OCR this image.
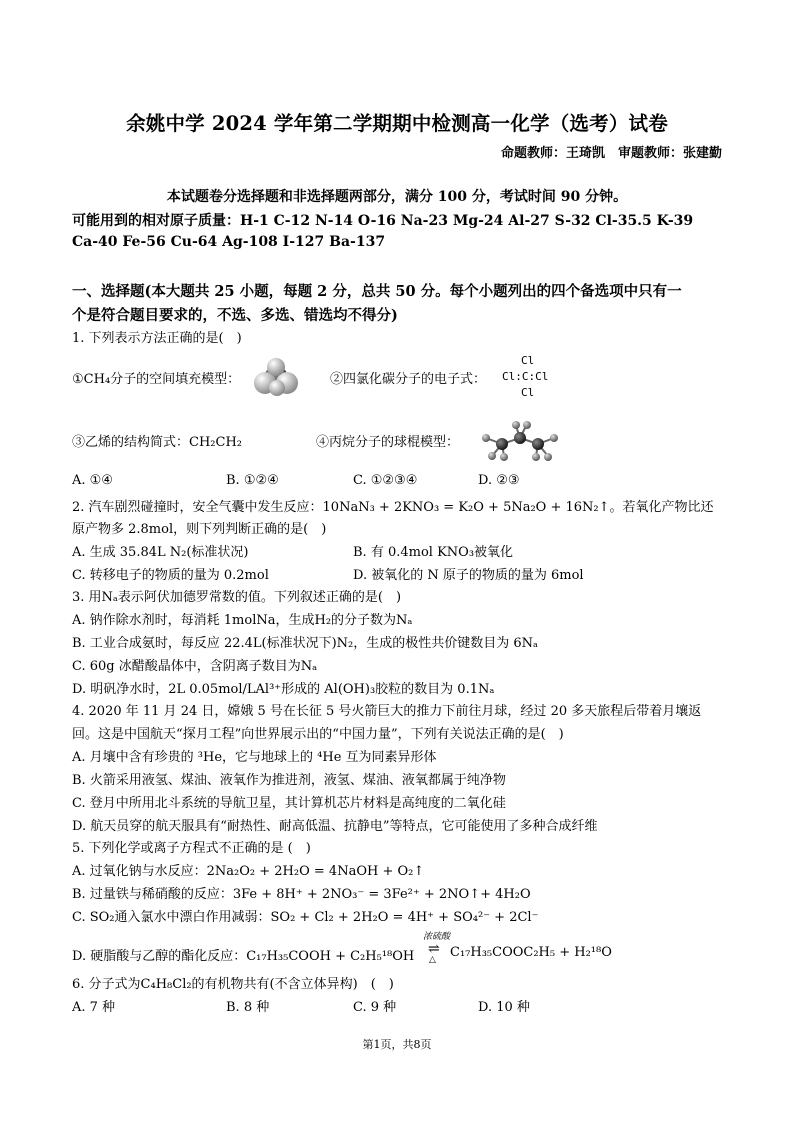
余姚中学 2024 学年第二学期期中检测高一化学（选考）试卷
命题教师：王琦凯　审题教师：张建勤
本试题卷分选择题和非选择题两部分，满分 100 分，考试时间 90 分钟。
可能用到的相对原子质量：H-1 C-12 N-14 O-16 Na-23 Mg-24 Al-27 S-32 Cl-35.5 K-39
Ca-40 Fe-56 Cu-64 Ag-108 I-127 Ba-137
一、选择题(本大题共 25 小题，每题 2 分，总共 50 分。每个小题列出的四个备选项中只有一
个是符合题目要求的，不选、多选、错选均不得分)
1. 下列表示方法正确的是(　)
①CH₄分子的空间填充模型：	②四氯化碳分子的电子式：
Cl
Cl:C:Cl
Cl
③乙烯的结构简式：CH₂CH₂	④丙烷分子的球棍模型：
A. ①④	B. ①②④	C. ①②③④	D. ②③
2. 汽车剧烈碰撞时，安全气囊中发生反应：10NaN₃ + 2KNO₃ = K₂O + 5Na₂O + 16N₂↑。若氧化产物比还
原产物多 2.8mol，则下列判断正确的是(　)
A. 生成 35.84L N₂(标准状况)	B. 有 0.4mol KNO₃被氧化
C. 转移电子的物质的量为 0.2mol	D. 被氧化的 N 原子的物质的量为 6mol
3. 用Nₐ表示阿伏加德罗常数的值。下列叙述正确的是(　)
A. 钠作除水剂时，每消耗 1molNa，生成H₂的分子数为Nₐ
B. 工业合成氨时，每反应 22.4L(标准状况下)N₂，生成的极性共价键数目为 6Nₐ
C. 60g 冰醋酸晶体中，含阴离子数目为Nₐ
D. 明矾净水时，2L 0.05mol/LAl³⁺形成的 Al(OH)₃胶粒的数目为 0.1Nₐ
4. 2020 年 11 月 24 日，嫦娥 5 号在长征 5 号火箭巨大的推力下前往月球，经过 20 多天旅程后带着月壤返
回。这是中国航天“探月工程”向世界展示出的“中国力量”，下列有关说法正确的是(　)
A. 月壤中含有珍贵的 ³He，它与地球上的 ⁴He 互为同素异形体
B. 火箭采用液氢、煤油、液氧作为推进剂，液氢、煤油、液氧都属于纯净物
C. 登月中所用北斗系统的导航卫星，其计算机芯片材料是高纯度的二氧化硅
D. 航天员穿的航天服具有“耐热性、耐高低温、抗静电”等特点，它可能使用了多种合成纤维
5. 下列化学或离子方程式不正确的是 (　)
A. 过氧化钠与水反应：2Na₂O₂ + 2H₂O = 4NaOH + O₂↑
B. 过量铁与稀硝酸的反应：3Fe + 8H⁺ + 2NO₃⁻ = 3Fe²⁺ + 2NO↑+ 4H₂O
C. SO₂通入氯水中漂白作用减弱：SO₂ + Cl₂ + 2H₂O = 4H⁺ + SO₄²⁻ + 2Cl⁻
D. 硬脂酸与乙醇的酯化反应：C₁₇H₃₅COOH + C₂H₅¹⁸OH
浓硫酸
⇌
△ C₁₇H₃₅COOC₂H₅ + H₂¹⁸O
6. 分子式为C₄H₈Cl₂的有机物共有(不含立体异构)　(　)
A. 7 种	B. 8 种	C. 9 种	D. 10 种
第1页，共8页
